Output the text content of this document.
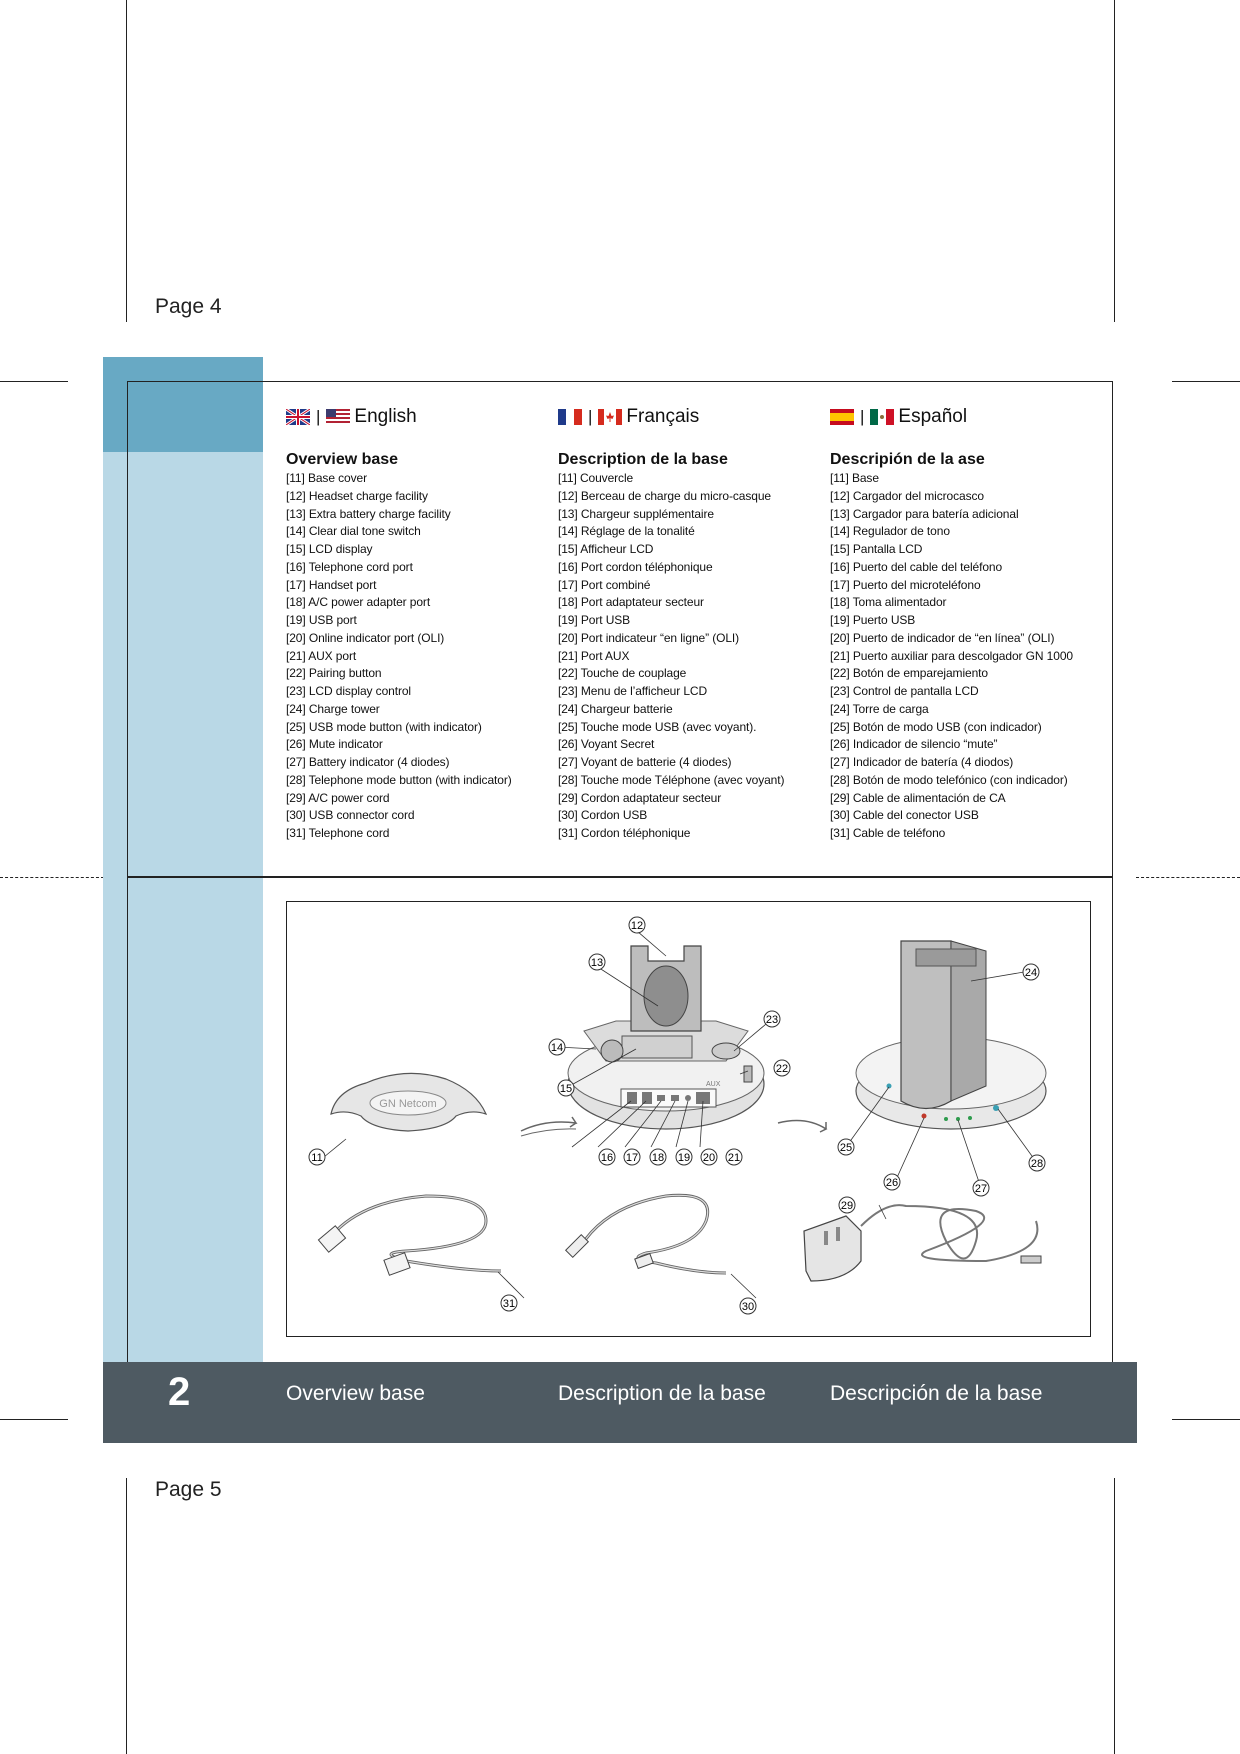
Page 4
Page 5
| English
Overview base
[11] Base cover
[12] Headset charge facility
[13] Extra battery charge facility
[14] Clear dial tone switch
[15] LCD display
[16] Telephone cord port
[17] Handset port
[18] A/C power adapter port
[19] USB port
[20] Online indicator port (OLI)
[21] AUX port
[22] Pairing button
[23] LCD display control
[24] Charge tower
[25] USB mode button (with indicator)
[26] Mute indicator
[27] Battery indicator (4 diodes)
[28] Telephone mode button (with indicator)
[29] A/C power cord
[30] USB connector cord
[31] Telephone cord
| Français
Description de la base
[11] Couvercle
[12] Berceau de charge du micro-casque
[13] Chargeur supplémentaire
[14] Réglage de la tonalité
[15] Afficheur LCD
[16] Port cordon téléphonique
[17] Port combiné
[18] Port adaptateur secteur
[19] Port USB
[20] Port indicateur “en ligne” (OLI)
[21] Port AUX
[22] Touche de couplage
[23] Menu de l’afficheur LCD
[24] Chargeur batterie
[25] Touche mode USB (avec voyant).
[26] Voyant Secret
[27] Voyant de batterie (4 diodes)
[28] Touche mode Téléphone (avec voyant)
[29] Cordon adaptateur secteur
[30] Cordon USB
[31] Cordon téléphonique
| Español
Descripión de la ase
[11] Base
[12] Cargador del microcasco
[13] Cargador para batería adicional
[14] Regulador de tono
[15] Pantalla LCD
[16] Puerto del cable del teléfono
[17] Puerto del microteléfono
[18] Toma alimentador
[19] Puerto USB
[20] Puerto de indicador de “en línea” (OLI)
[21] Puerto auxiliar para descolgador GN 1000
[22] Botón de emparejamiento
[23] Control de pantalla LCD
[24] Torre de carga
[25] Botón de modo USB (con indicador)
[26] Indicador de silencio “mute”
[27] Indicador de batería (4 diodos)
[28] Botón de modo telefónico (con indicador)
[29] Cable de alimentación de CA
[30] Cable del conector USB
[31] Cable de teléfono
GN Netcom
AUX
11
12
13
14
15
16 17 18 19 20 21
22
23
24
25
26	27
28
29
30
31
2	Overview base	Description de la base	Descripción de la base
